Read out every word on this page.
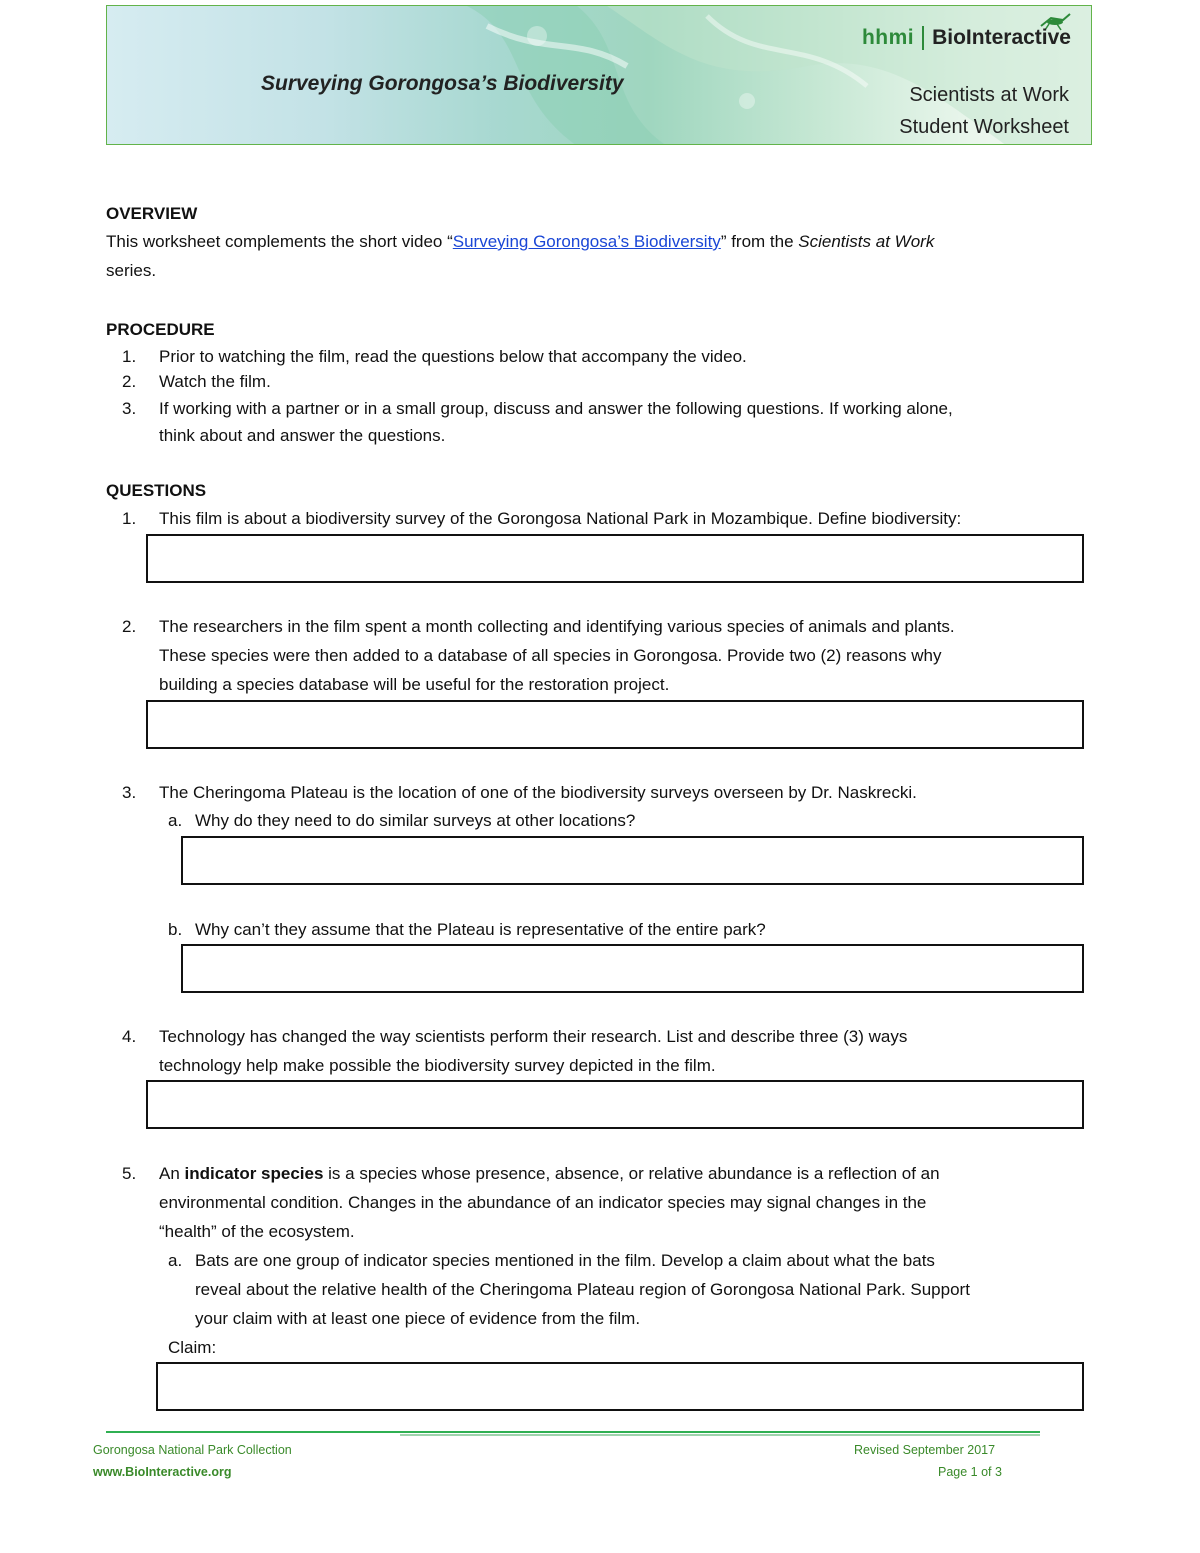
Surveying Gorongosa’s Biodiversity
hhmi BioInteractive
Scientists at Work
Student Worksheet
OVERVIEW
This worksheet complements the short video “Surveying Gorongosa’s Biodiversity” from the Scientists at Work
series.
PROCEDURE
1. Prior to watching the film, read the questions below that accompany the video.
2. Watch the film.
3. If working with a partner or in a small group, discuss and answer the following questions. If working alone,
think about and answer the questions.
QUESTIONS
1. This film is about a biodiversity survey of the Gorongosa National Park in Mozambique. Define biodiversity:
2. The researchers in the film spent a month collecting and identifying various species of animals and plants.
These species were then added to a database of all species in Gorongosa. Provide two (2) reasons why
building a species database will be useful for the restoration project.
3. The Cheringoma Plateau is the location of one of the biodiversity surveys overseen by Dr. Naskrecki.
a. Why do they need to do similar surveys at other locations?
b. Why can’t they assume that the Plateau is representative of the entire park?
4. Technology has changed the way scientists perform their research. List and describe three (3) ways
technology help make possible the biodiversity survey depicted in the film.
5. An indicator species is a species whose presence, absence, or relative abundance is a reflection of an
environmental condition. Changes in the abundance of an indicator species may signal changes in the
“health” of the ecosystem.
a. Bats are one group of indicator species mentioned in the film. Develop a claim about what the bats
reveal about the relative health of the Cheringoma Plateau region of Gorongosa National Park. Support
your claim with at least one piece of evidence from the film.
Claim:
Gorongosa National Park Collection
www.BioInteractive.org
Revised September 2017
Page 1 of 3
